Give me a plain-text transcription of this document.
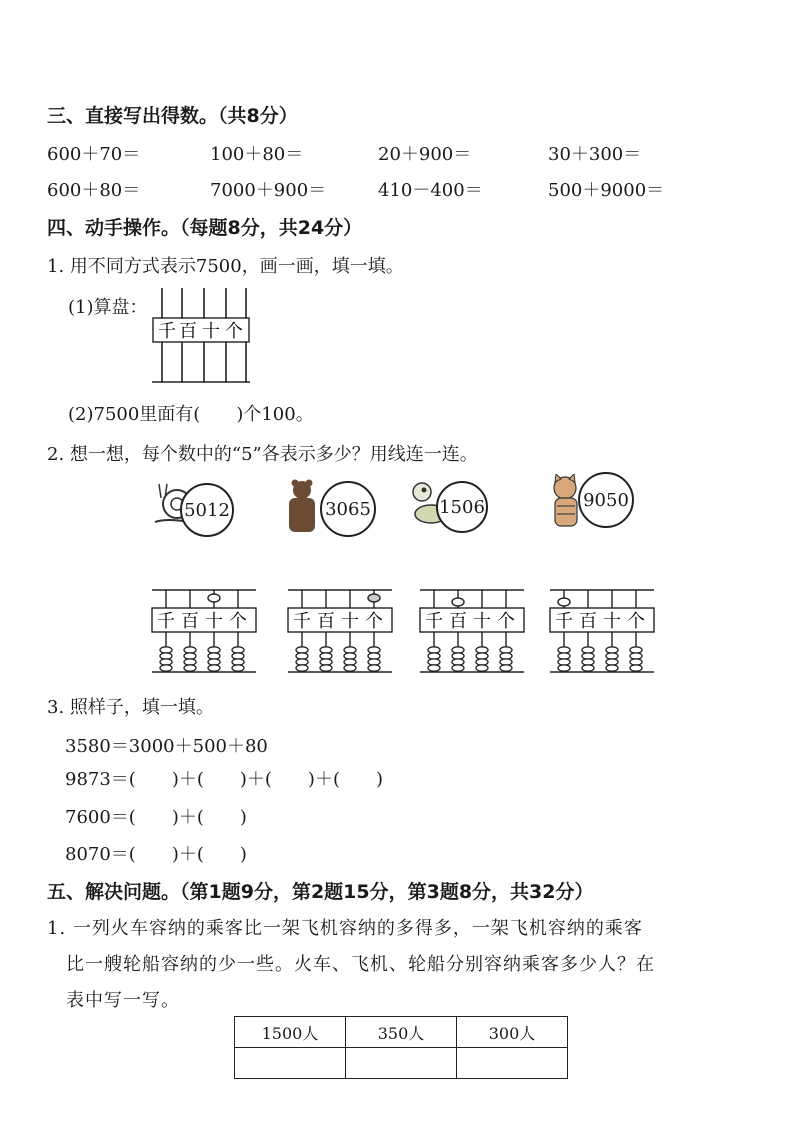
三、直接写出得数。（共8分）
600＋70＝	100＋80＝	20＋900＝	30＋300＝
600＋80＝	7000＋900＝	410－400＝	500＋9000＝
四、动手操作。（每题8分，共24分）
1. 用不同方式表示7500，画一画，填一填。
(1)算盘：
千 百 十 个
(2)7500里面有(　　)个100。
2. 想一想，每个数中的“5”各表示多少？用线连一连。
5012	3065	1506	9050
千 百 十 个	千 百 十 个 千 百 十 个 千 百 十 个
3. 照样子，填一填。
3580＝3000＋500＋80
9873＝(　　)＋(　　)＋(　　)＋(　　)
7600＝(　　)＋(　　)
8070＝(　　)＋(　　)
五、解决问题。（第1题9分，第2题15分，第3题8分，共32分）
1. 一列火车容纳的乘客比一架飞机容纳的多得多，一架飞机容纳的乘客
比一艘轮船容纳的少一些。火车、飞机、轮船分别容纳乘客多少人？在
表中写一写。
1500人	350人	300人
